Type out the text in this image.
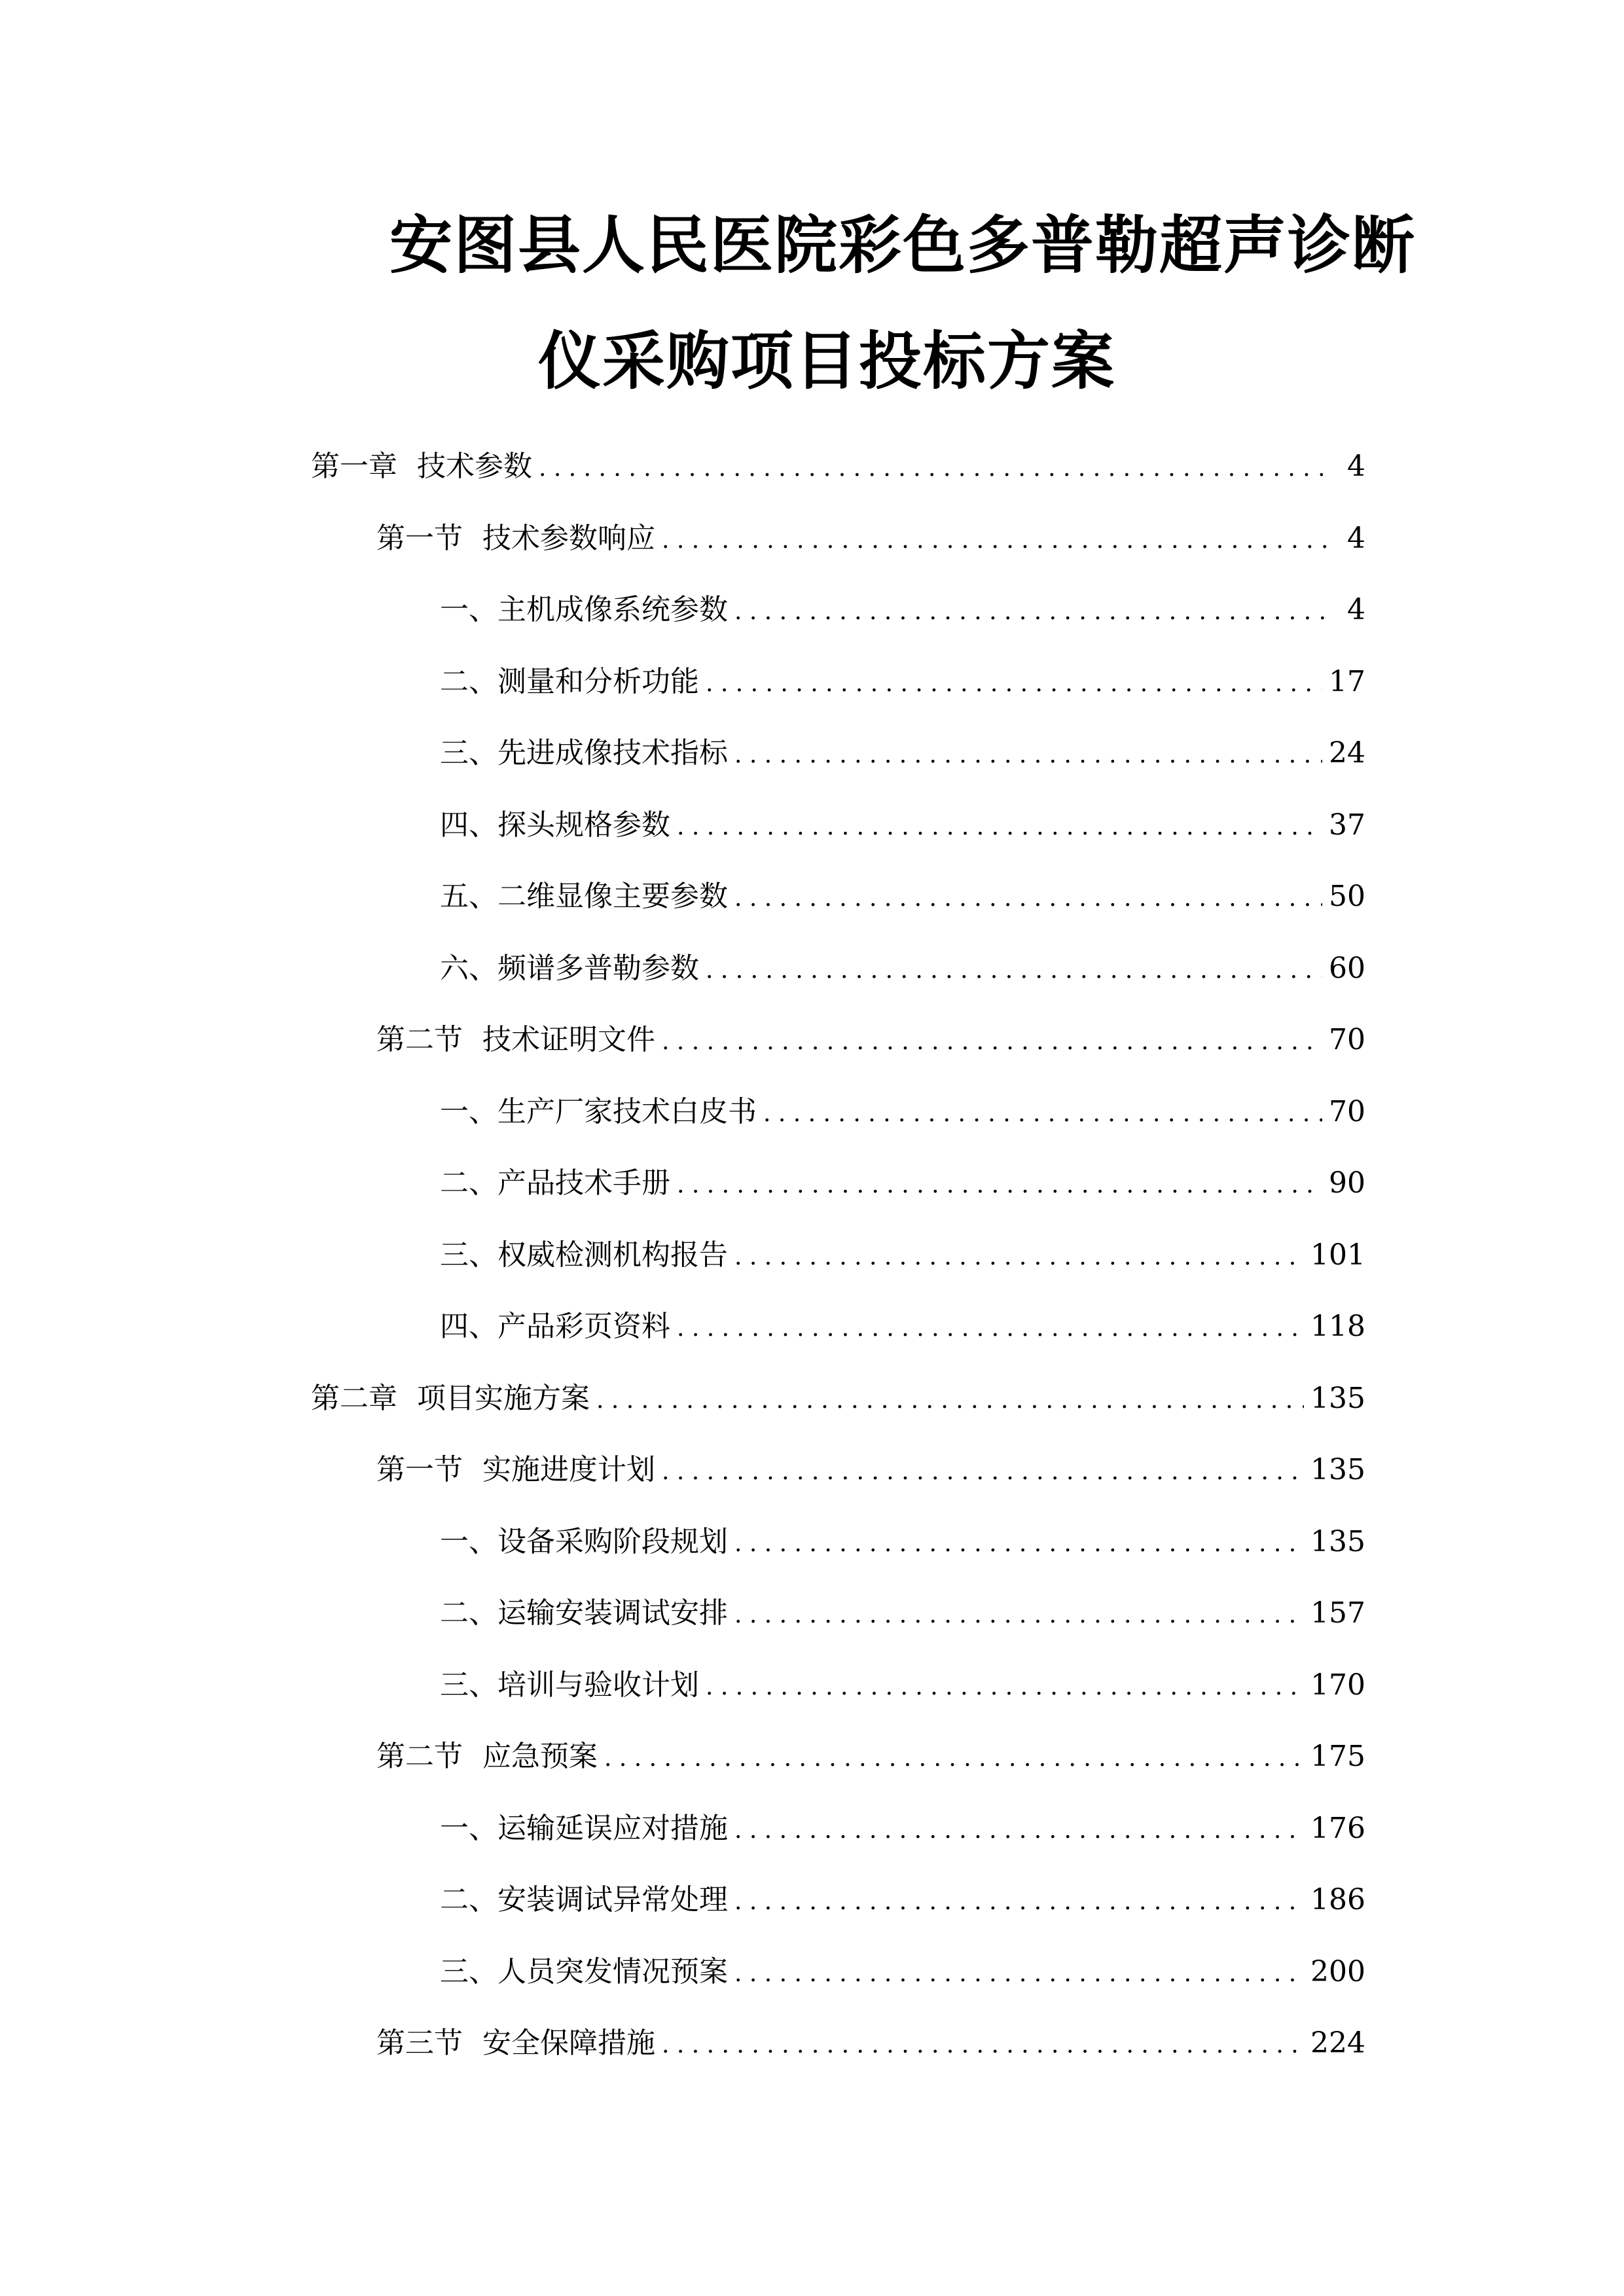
安图县人民医院彩色多普勒超声诊断
仪采购项目投标方案
第一章 技术参数 . . .	4
第一节 技术参数响应 . . .	4
一、 主机成像系统参数 . . .	4
二、 测量和分析功能 . . .	17
三、 先进成像技术指标 . . .	24
四、 探头规格参数 . . .	37
五、 二维显像主要参数 . . .	50
六、 频谱多普勒参数 . . .	60
第二节 技术证明文件 . . .	70
一、 生产厂家技术白皮书 . . .	70
二、 产品技术手册 . . .	90
三、 权威检测机构报告 . . .	101
四、 产品彩页资料 . . .	118
第二章 项目实施方案 . . .	135
第一节 实施进度计划 . . .	135
一、 设备采购阶段规划 . . .	135
二、 运输安装调试安排 . . .	157
三、 培训与验收计划 . . .	170
第二节 应急预案 . . .	175
一、 运输延误应对措施 . . .	176
二、 安装调试异常处理 . . .	186
三、 人员突发情况预案 . . .	200
第三节 安全保障措施 . . .	224
